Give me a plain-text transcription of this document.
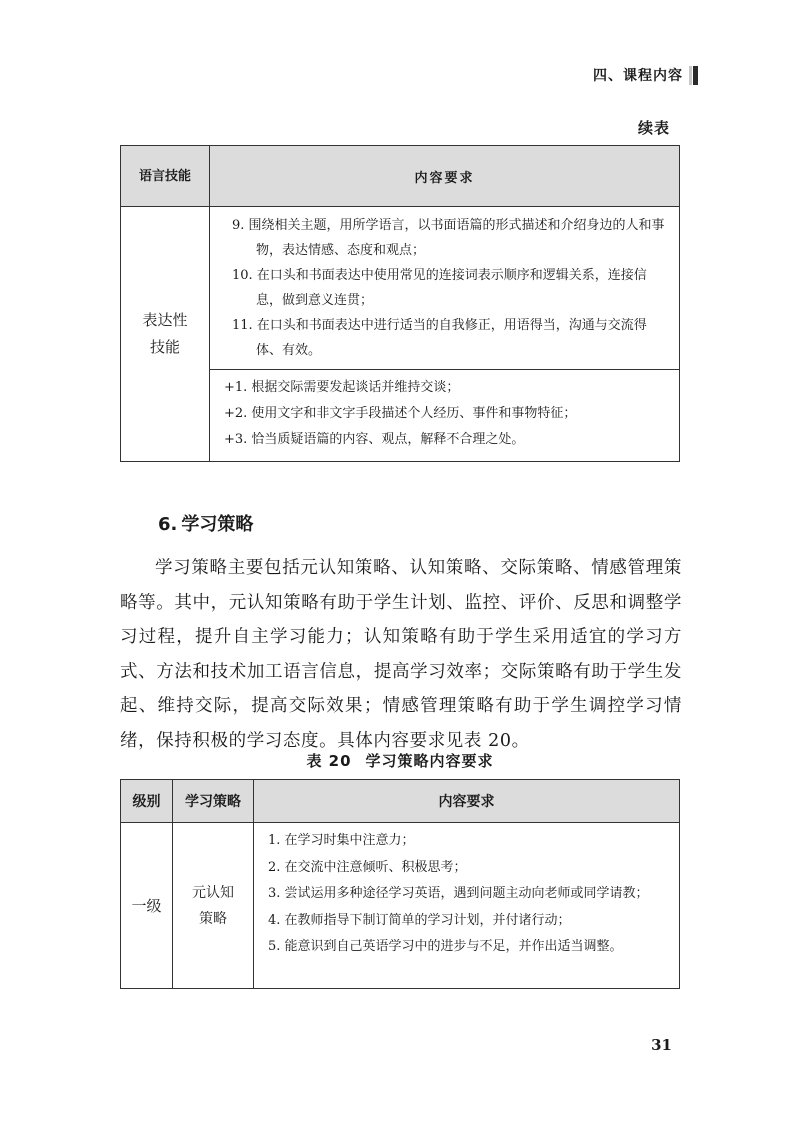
四、课程内容
续表
语言技能	内容要求
表达性技能	9. 围绕相关主题，用所学语言，以书面语篇的形式描述和介绍身边的人和事物，表达情感、态度和观点；
10. 在口头和书面表达中使用常见的连接词表示顺序和逻辑关系，连接信息，做到意义连贯；
11. 在口头和书面表达中进行适当的自我修正，用语得当，沟通与交流得体、有效。

	+1. 根据交际需要发起谈话并维持交谈；
+2. 使用文字和非文字手段描述个人经历、事件和事物特征；
+3. 恰当质疑语篇的内容、观点，解释不合理之处。
6. 学习策略
学习策略主要包括元认知策略、认知策略、交际策略、情感管理策略等。其中，元认知策略有助于学生计划、监控、评价、反思和调整学习过程，提升自主学习能力；认知策略有助于学生采用适宜的学习方式、方法和技术加工语言信息，提高学习效率；交际策略有助于学生发起、维持交际，提高交际效果；情感管理策略有助于学生调控学习情绪，保持积极的学习态度。具体内容要求见表 20。
表 20 学习策略内容要求
级别	学习策略	内容要求
一级	元认知策略	1. 在学习时集中注意力；
2. 在交流中注意倾听、积极思考；
3. 尝试运用多种途径学习英语，遇到问题主动向老师或同学请教；
4. 在教师指导下制订简单的学习计划，并付诸行动；
5. 能意识到自己英语学习中的进步与不足，并作出适当调整。
31
